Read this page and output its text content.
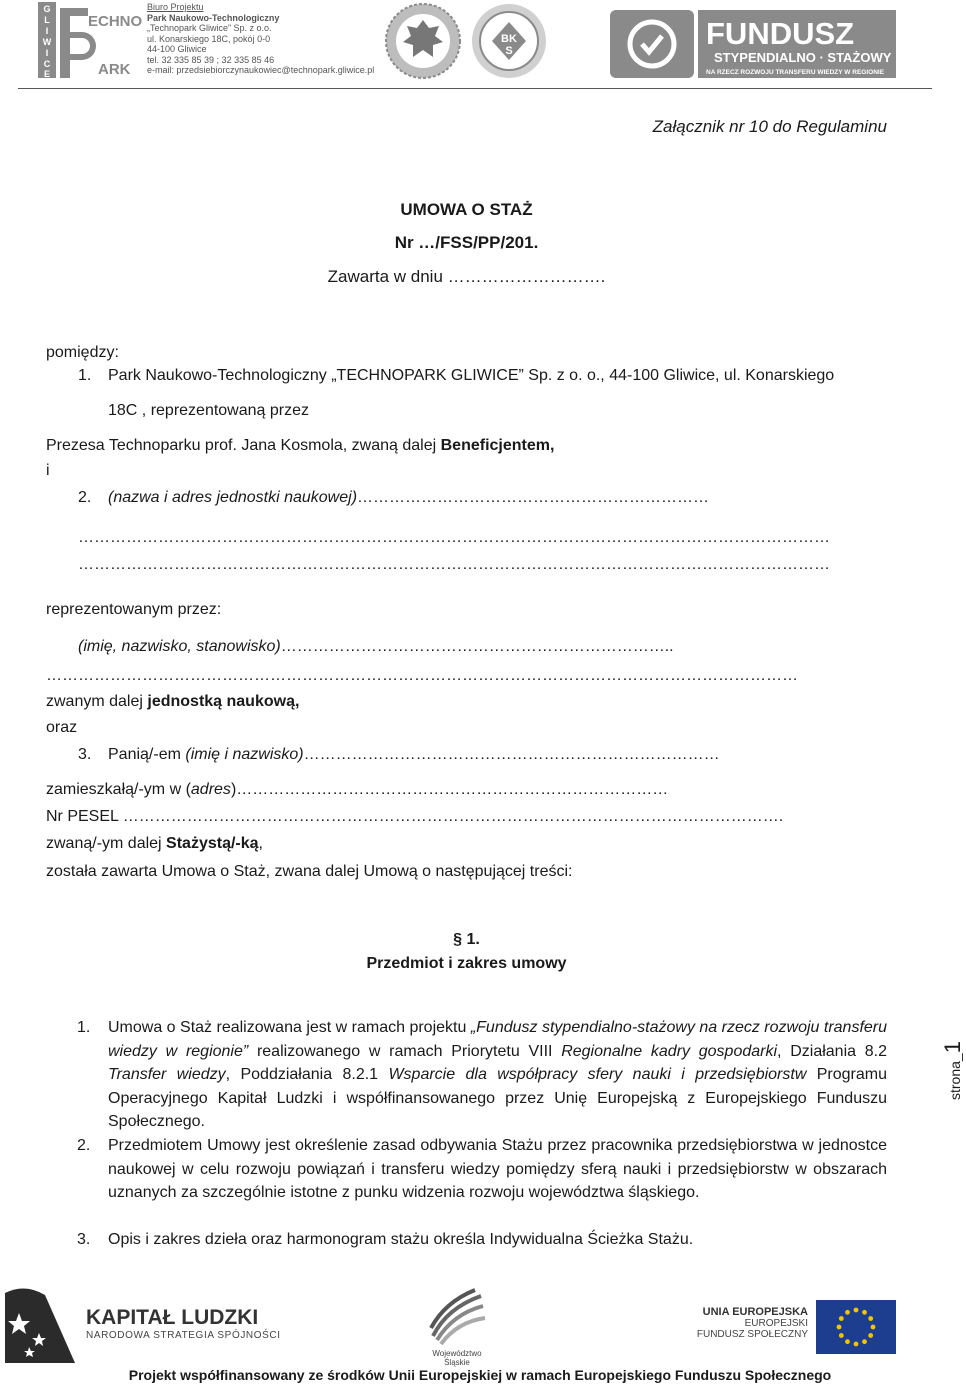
G
L
I
W
I
C
E
ECHNO
ARK
Biuro Projektu
Park Naukowo-Technologiczny
„Technopark Gliwice” Sp. z o.o.
ul. Konarskiego 18C, pokój 0-0
44-100 Gliwice
tel. 32 335 85 39 ; 32 335 85 46
e-mail: przedsiebiorczynaukowiec@technopark.gliwice.pl
BK
S	FUNDUSZ
STYPENDIALNO · STAŻOWY
NA RZECZ ROZWOJU TRANSFERU WIEDZY W REGIONIE
Załącznik nr 10 do Regulaminu
UMOWA O STAŻ
Nr …/FSS/PP/201.
Zawarta w dniu ……………………….
pomiędzy:
1. Park Naukowo-Technologiczny „TECHNOPARK GLIWICE” Sp. z o. o., 44-100 Gliwice, ul. Konarskiego
18C , reprezentowaną przez
Prezesa Technoparku prof. Jana Kosmola, zwaną dalej Beneficjentem,
i
2. (nazwa i adres jednostki naukowej)…………………………………………………………
……………………………………………………………………………………………………………………………
……………………………………………………………………………………………………………………………
reprezentowanym przez:
(imię, nazwisko, stanowisko)………………………………………………………………..
……………………………………………………………………………………………………………………………
zwanym dalej jednostką naukową,
oraz
3. Panią/-em (imię i nazwisko)……………………………………………………………………
zamieszkałą/-ym w (adres)………………………………………………………………………
Nr PESEL …………………………………………………………………………………………………………….
zwaną/-ym dalej Stażystą/-ką,
została zawarta Umowa o Staż, zwana dalej Umową o następującej treści:
§ 1.
Przedmiot i zakres umowy
1. Umowa o Staż realizowana jest w ramach projektu „Fundusz stypendialno-stażowy na rzecz rozwoju transferu wiedzy w regionie” realizowanego w ramach Priorytetu VIII Regionalne kadry gospodarki, Działania 8.2 Transfer wiedzy, Poddziałania 8.2.1 Wsparcie dla współpracy sfery nauki i przedsiębiorstw Programu Operacyjnego Kapitał Ludzki i współfinansowanego przez Unię Europejską z Europejskiego Funduszu Społecznego.
2. Przedmiotem Umowy jest określenie zasad odbywania Stażu przez pracownika przedsiębiorstwa w jednostce naukowej w celu rozwoju powiązań i transferu wiedzy pomiędzy sferą nauki i przedsiębiorstw w obszarach uznanych za szczególnie istotne z punku widzenia rozwoju województwa śląskiego.
3. Opis i zakres dzieła oraz harmonogram stażu określa Indywidualna Ścieżka Stażu.
KAPITAŁ LUDZKI
NARODOWA STRATEGIA SPÓJNOŚCI
Województwo
Śląskie
UNIA EUROPEJSKA
EUROPEJSKI
FUNDUSZ SPOŁECZNY
Projekt współfinansowany ze środków Unii Europejskiej w ramach Europejskiego Funduszu Społecznego
strona_1
